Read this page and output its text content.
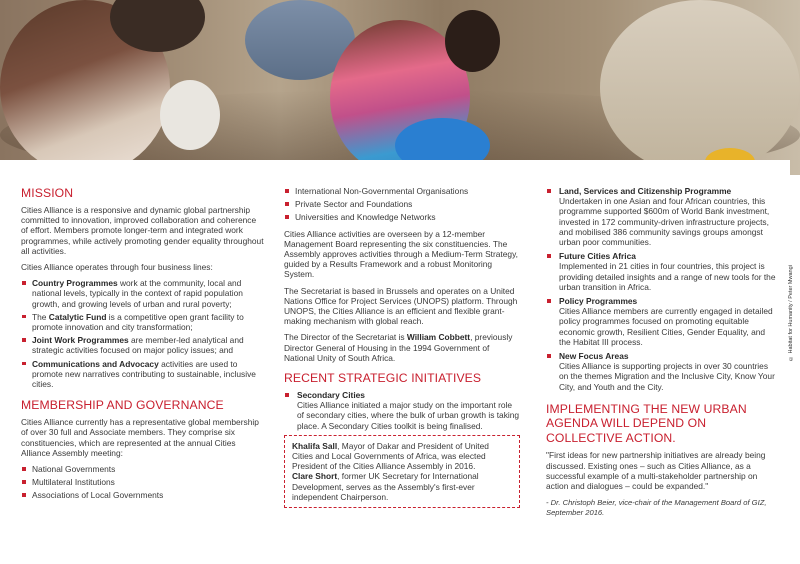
© Habitat for Humanity / Peter Mwangi
MISSION

Cities Alliance is a responsive and dynamic global partnership committed to innovation, improved collaboration and coherence of effort. Members promote longer-term and integrated work programmes, while actively promoting gender equality throughout all activities.

Cities Alliance operates through four business lines:

Country Programmes work at the community, local and national levels, typically in the context of rapid population growth, and growing levels of urban and rural poverty;
The Catalytic Fund is a competitive open grant facility to promote innovation and city transformation;
Joint Work Programmes are member-led analytical and strategic activities focused on major policy issues; and
Communications and Advocacy activities are used to promote new narratives contributing to sustainable, inclusive cities.
MEMBERSHIP AND GOVERNANCE

Cities Alliance currently has a representative global membership of over 30 full and Associate members. They comprise six constituencies, which are represented at the annual Cities Alliance Assembly meeting:

National Governments
Multilateral Institutions
Associations of Local Governments
International Non-Governmental Organisations
Private Sector and Foundations
Universities and Knowledge Networks

Cities Alliance activities are overseen by a 12-member Management Board representing the six constituencies. The Assembly approves activities through a Medium-Term Strategy, guided by a Results Framework and a robust Monitoring System.

The Secretariat is based in Brussels and operates on a United Nations Office for Project Services (UNOPS) platform. Through UNOPS, the Cities Alliance is an efficient and flexible grant-making mechanism with global reach.

The Director of the Secretariat is William Cobbett, previously Director General of Housing in the 1994 Government of National Unity of South Africa.

RECENT STRATEGIC INITIATIVES
Secondary Cities
Cities Alliance initiated a major study on the important role of secondary cities, where the bulk of urban growth is taking place. A Secondary Cities toolkit is being finalised.

Khalifa Sall, Mayor of Dakar and President of United Cities and Local Governments of Africa, was elected President of the Cities Alliance Assembly in 2016.

Clare Short, former UK Secretary for International Development, serves as the Assembly's first-ever independent Chairperson.

Land, Services and Citizenship Programme
Undertaken in one Asian and four African countries, this programme supported $600m of World Bank investment, invested in 172 community-driven infrastructure projects, and mobilised 386 community savings groups amongst urban poor communities.
Future Cities Africa
Implemented in 21 cities in four countries, this project is providing detailed insights and a range of new tools for the urban transition in Africa.
Policy Programmes
Cities Alliance members are currently engaged in detailed policy programmes focused on promoting equitable economic growth, Resilient Cities, Gender Equality, and the Habitat III process.
New Focus Areas
Cities Alliance is supporting projects in over 30 countries on the themes Migration and the Inclusive City, Know Your City, and Youth and the City.
IMPLEMENTING THE NEW URBAN AGENDA WILL DEPEND ON COLLECTIVE ACTION.

"First ideas for new partnership initiatives are already being discussed. Existing ones – such as Cities Alliance, as a successful example of a multi-stakeholder partnership on action and dialogues – could be expanded."

- Dr. Christoph Beier, vice-chair of the Management Board of GIZ, September 2016.
